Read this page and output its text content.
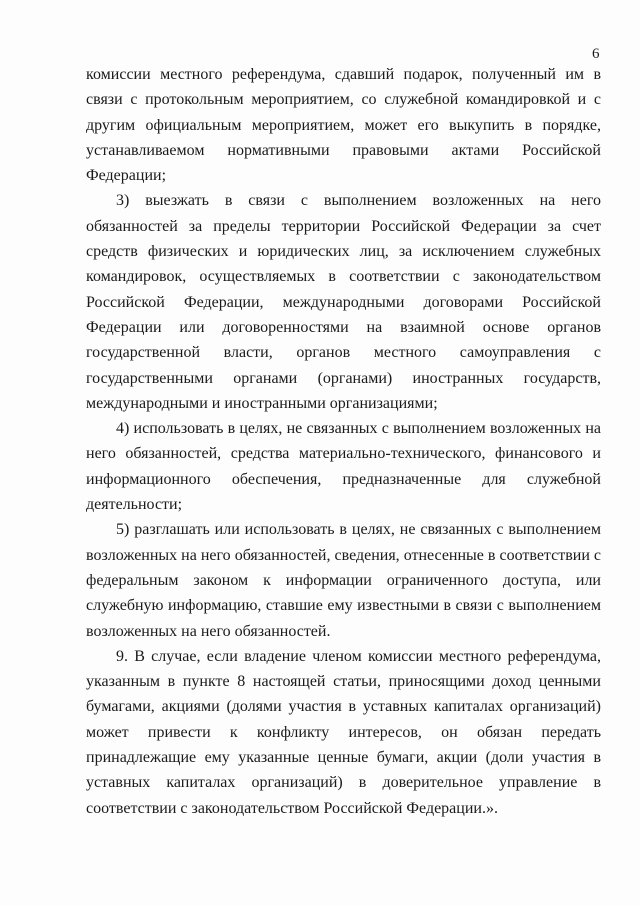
6

комиссии местного референдума, сдавший подарок, полученный им в связи с протокольным мероприятием, со служебной командировкой и с другим официальным мероприятием, может его выкупить в порядке, устанавливаемом нормативными правовыми актами Российской Федерации;

3) выезжать в связи с выполнением возложенных на него обязанностей за пределы территории Российской Федерации за счет средств физических и юридических лиц, за исключением служебных командировок, осуществляемых в соответствии с законодательством Российской Федерации, международными договорами Российской Федерации или договоренностями на взаимной основе органов государственной власти, органов местного самоуправления с государственными органами (органами) иностранных государств, международными и иностранными организациями;

4) использовать в целях, не связанных с выполнением возложенных на него обязанностей, средства материально-технического, финансового и информационного обеспечения, предназначенные для служебной деятельности;

5) разглашать или использовать в целях, не связанных с выполнением возложенных на него обязанностей, сведения, отнесенные в соответствии с федеральным законом к информации ограниченного доступа, или служебную информацию, ставшие ему известными в связи с выполнением возложенных на него обязанностей.

9. В случае, если владение членом комиссии местного референдума, указанным в пункте 8 настоящей статьи, приносящими доход ценными бумагами, акциями (долями участия в уставных капиталах организаций) может привести к конфликту интересов, он обязан передать принадлежащие ему указанные ценные бумаги, акции (доли участия в уставных капиталах организаций) в доверительное управление в соответствии с законодательством Российской Федерации.».
